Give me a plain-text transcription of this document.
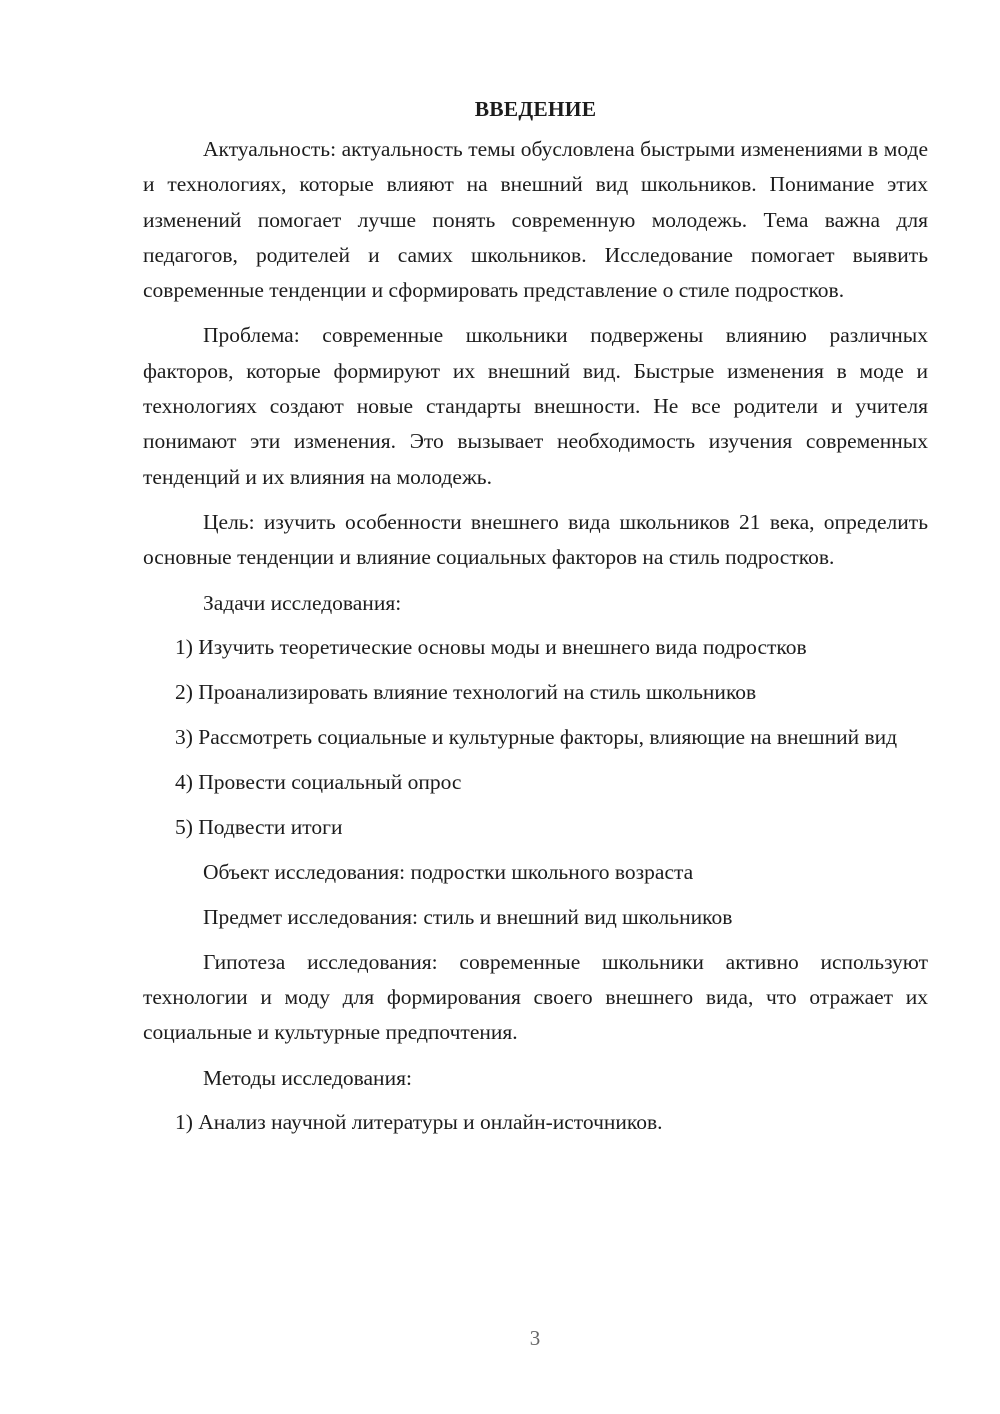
ВВЕДЕНИЕ

Актуальность: актуальность темы обусловлена быстрыми изменениями в моде и технологиях, которые влияют на внешний вид школьников. Понимание этих изменений помогает лучше понять современную молодежь. Тема важна для педагогов, родителей и самих школьников. Исследование помогает выявить современные тенденции и сформировать представление о стиле подростков.

Проблема: современные школьники подвержены влиянию различных факторов, которые формируют их внешний вид. Быстрые изменения в моде и технологиях создают новые стандарты внешности. Не все родители и учителя понимают эти изменения. Это вызывает необходимость изучения современных тенденций и их влияния на молодежь.

Цель: изучить особенности внешнего вида школьников 21 века, определить основные тенденции и влияние социальных факторов на стиль подростков.

Задачи исследования:

1) Изучить теоретические основы моды и внешнего вида подростков

2) Проанализировать влияние технологий на стиль школьников

3) Рассмотреть социальные и культурные факторы, влияющие на внешний вид

4) Провести социальный опрос

5) Подвести итоги

Объект исследования: подростки школьного возраста

Предмет исследования: стиль и внешний вид школьников

Гипотеза исследования: современные школьники активно используют технологии и моду для формирования своего внешнего вида, что отражает их социальные и культурные предпочтения.

Методы исследования:

1) Анализ научной литературы и онлайн-источников.

3
